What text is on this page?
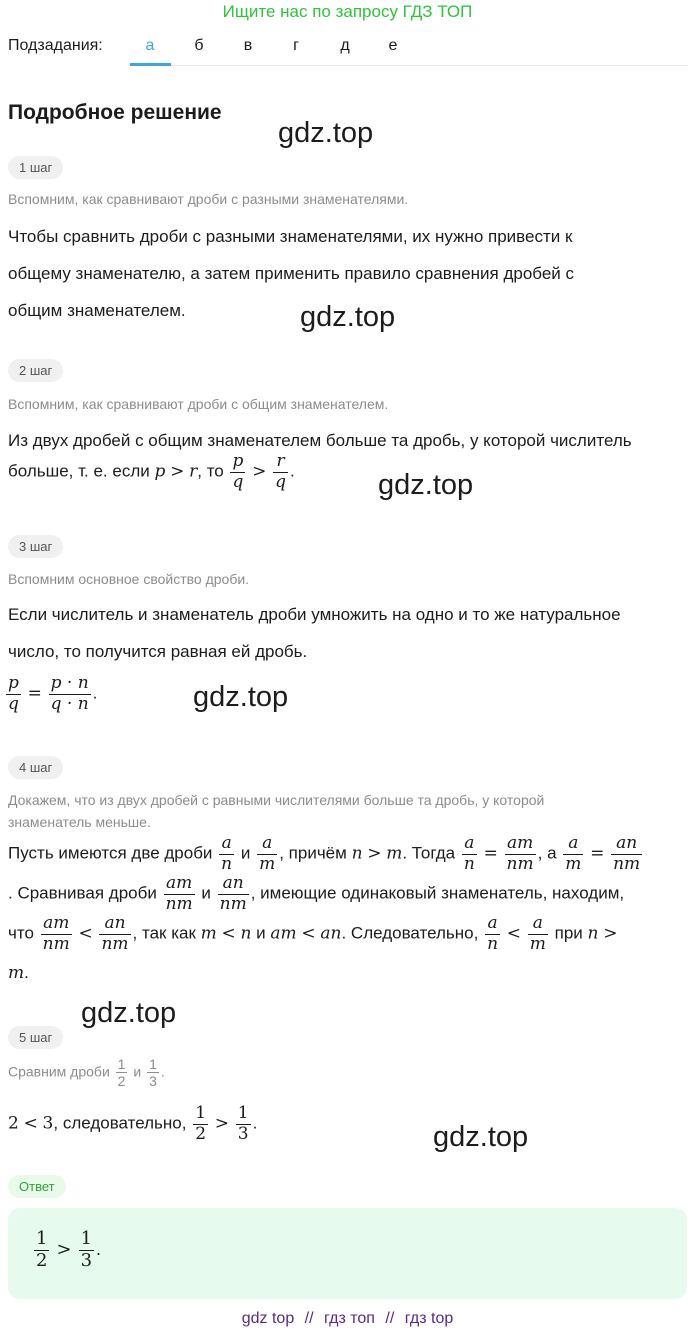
Ищите нас по запросу ГДЗ ТОП
Подзадания:	а	б	в	г	д	е
Подробное решение
gdz.top
gdz.top
gdz.top
gdz.top
gdz.top
gdz.top
1 шаг
Вспомним, как сравнивают дроби с разными знаменателями.
Чтобы сравнить дроби с разными знаменателями, их нужно привести к
общему знаменателю, а затем применить правило сравнения дробей с
общим знаменателем.
2 шаг
Вспомним, как сравнивают дроби с общим знаменателем.
Из двух дробей с общим знаменателем больше та дробь, у которой числитель
больше, т. е. если p > r, то $\frac{p}{q} > \frac{r}{q}$ .
3 шаг
Вспомним основное свойство дроби.
Если числитель и знаменатель дроби умножить на одно и то же натуральное
число, то получится равная ей дробь.
$\frac{p}{q} = \frac{p \cdot n}{q \cdot n}$ .
4 шаг
Докажем, что из двух дробей с равными числителями больше та дробь, у которой
знаменатель меньше.
Пусть имеются две дроби $\frac{a}{n}$ и $\frac{a}{m}$ , причём n > m. Тогда $\frac{a}{n} = \frac{am}{nm}$ , а $\frac{a}{m} = \frac{an}{nm}$
. Сравнивая дроби $\frac{am}{nm}$ и $\frac{an}{nm}$ , имеющие одинаковый знаменатель, находим,
что $\frac{am}{nm} < \frac{an}{nm}$ , так как m < n и am < an. Следовательно, $\frac{a}{n} < \frac{a}{m}$ при n >
m.
5 шаг
Сравним дроби $\frac{1}{2}$ и $\frac{1}{3}$ .
2 < 3, следовательно, $\frac{1}{2} > \frac{1}{3}$ .
Ответ
$\frac{1}{2} > \frac{1}{3}$ .
gdz top // гдз топ // гдз top
